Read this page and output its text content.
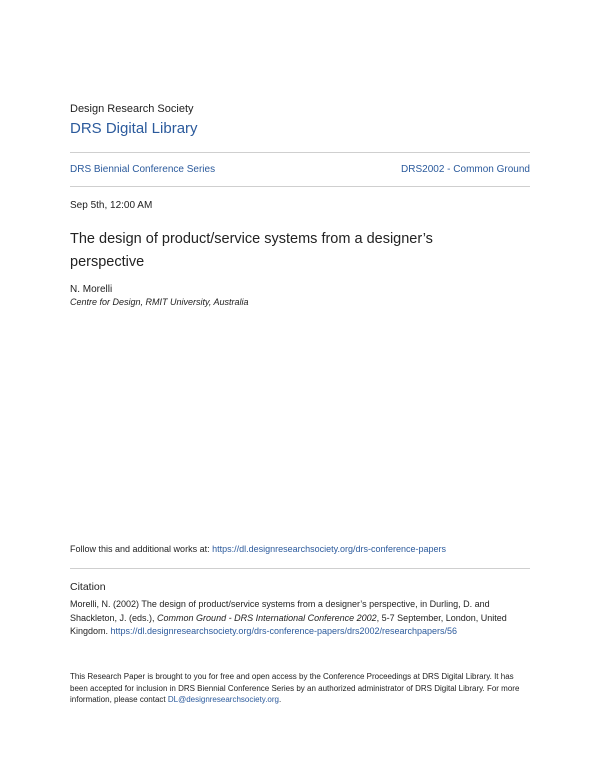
Design Research Society
DRS Digital Library
DRS Biennial Conference Series	DRS2002 - Common Ground
Sep 5th, 12:00 AM
The design of product/service systems from a designer’s perspective
N. Morelli
Centre for Design, RMIT University, Australia
Follow this and additional works at: https://dl.designresearchsociety.org/drs-conference-papers
Citation
Morelli, N. (2002) The design of product/service systems from a designer’s perspective, in Durling, D. and Shackleton, J. (eds.), Common Ground - DRS International Conference 2002, 5-7 September, London, United Kingdom. https://dl.designresearchsociety.org/drs-conference-papers/drs2002/researchpapers/56
This Research Paper is brought to you for free and open access by the Conference Proceedings at DRS Digital Library. It has been accepted for inclusion in DRS Biennial Conference Series by an authorized administrator of DRS Digital Library. For more information, please contact DL@designresearchsociety.org.
